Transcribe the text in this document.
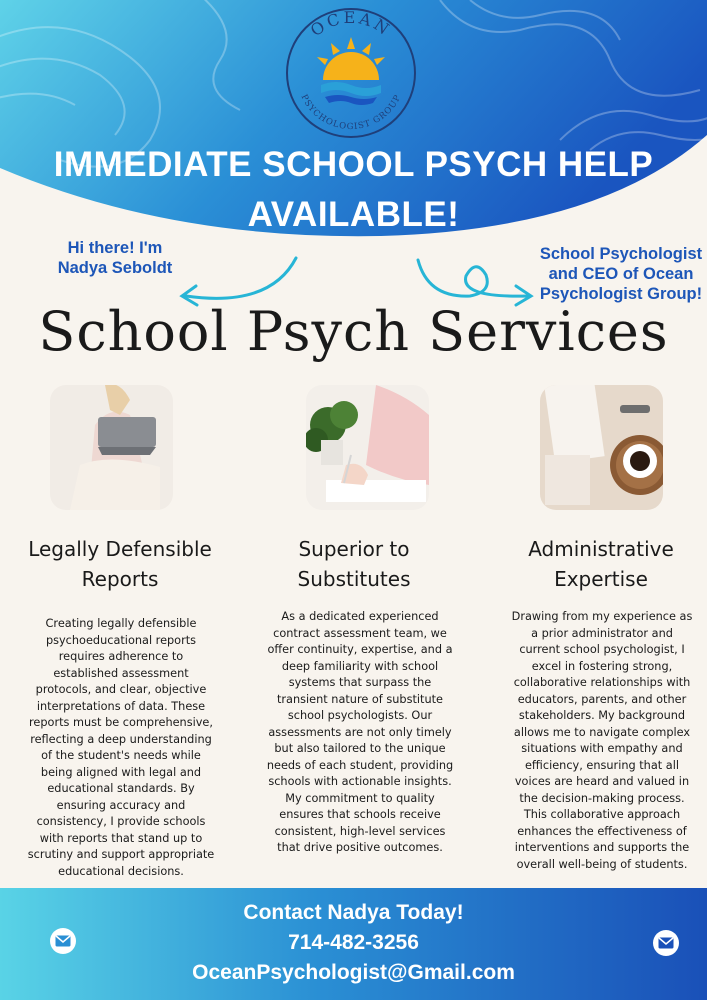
OCEAN
PSYCHOLOGIST GROUP
IMMEDIATE SCHOOL PSYCH HELP
AVAILABLE!
Hi there! I'm
Nadya Seboldt
School Psychologist
and CEO of Ocean
Psychologist Group!
School Psych Services
Legally Defensible
Reports
Superior to
Substitutes
Administrative
Expertise
Creating legally defensible
psychoeducational reports
requires adherence to
established assessment
protocols, and clear, objective
interpretations of data. These
reports must be comprehensive,
reflecting a deep understanding
of the student's needs while
being aligned with legal and
educational standards. By
ensuring accuracy and
consistency, I provide schools
with reports that stand up to
scrutiny and support appropriate
educational decisions.
As a dedicated experienced
contract assessment team, we
offer continuity, expertise, and a
deep familiarity with school
systems that surpass the
transient nature of substitute
school psychologists. Our
assessments are not only timely
but also tailored to the unique
needs of each student, providing
schools with actionable insights.
My commitment to quality
ensures that schools receive
consistent, high-level services
that drive positive outcomes.
Drawing from my experience as
a prior administrator and
current school psychologist, I
excel in fostering strong,
collaborative relationships with
educators, parents, and other
stakeholders. My background
allows me to navigate complex
situations with empathy and
efficiency, ensuring that all
voices are heard and valued in
the decision-making process.
This collaborative approach
enhances the effectiveness of
interventions and supports the
overall well-being of students.
Contact Nadya Today!
714-482-3256
OceanPsychologist@Gmail.com
